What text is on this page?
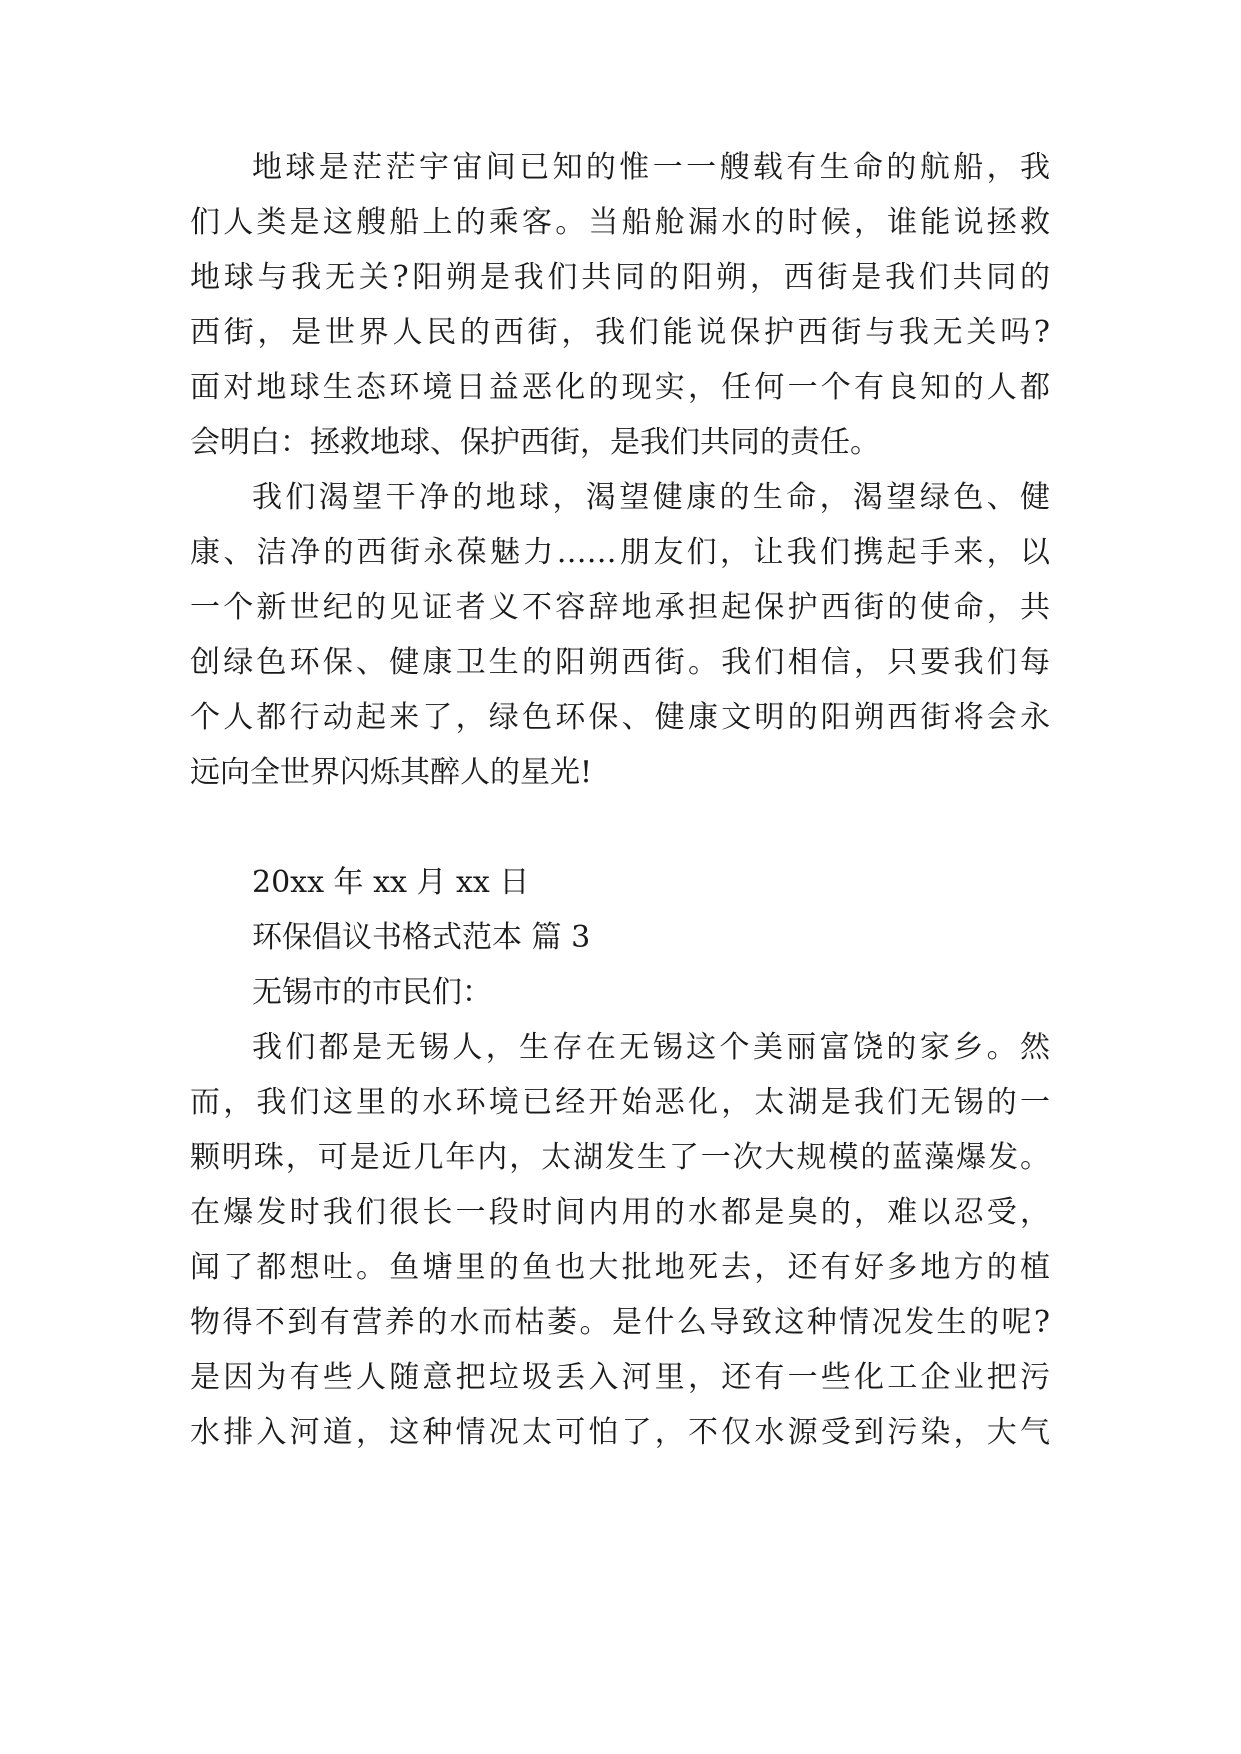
地球是茫茫宇宙间已知的惟一一艘载有生命的航船，我
们人类是这艘船上的乘客。当船舱漏水的时候，谁能说拯救
地球与我无关?阳朔是我们共同的阳朔，西街是我们共同的
西街，是世界人民的西街，我们能说保护西街与我无关吗?
面对地球生态环境日益恶化的现实，任何一个有良知的人都
会明白：拯救地球、保护西街，是我们共同的责任。
我们渴望干净的地球，渴望健康的生命，渴望绿色、健
康、洁净的西街永葆魅力……朋友们，让我们携起手来，以
一个新世纪的见证者义不容辞地承担起保护西街的使命，共
创绿色环保、健康卫生的阳朔西街。我们相信，只要我们每
个人都行动起来了，绿色环保、健康文明的阳朔西街将会永
远向全世界闪烁其醉人的星光!
20xx 年 xx 月 xx 日
环保倡议书格式范本 篇 3
无锡市的市民们：
我们都是无锡人，生存在无锡这个美丽富饶的家乡。然
而，我们这里的水环境已经开始恶化，太湖是我们无锡的一
颗明珠，可是近几年内，太湖发生了一次大规模的蓝藻爆发。
在爆发时我们很长一段时间内用的水都是臭的，难以忍受，
闻了都想吐。鱼塘里的鱼也大批地死去，还有好多地方的植
物得不到有营养的水而枯萎。是什么导致这种情况发生的呢?
是因为有些人随意把垃圾丢入河里，还有一些化工企业把污
水排入河道，这种情况太可怕了，不仅水源受到污染，大气
